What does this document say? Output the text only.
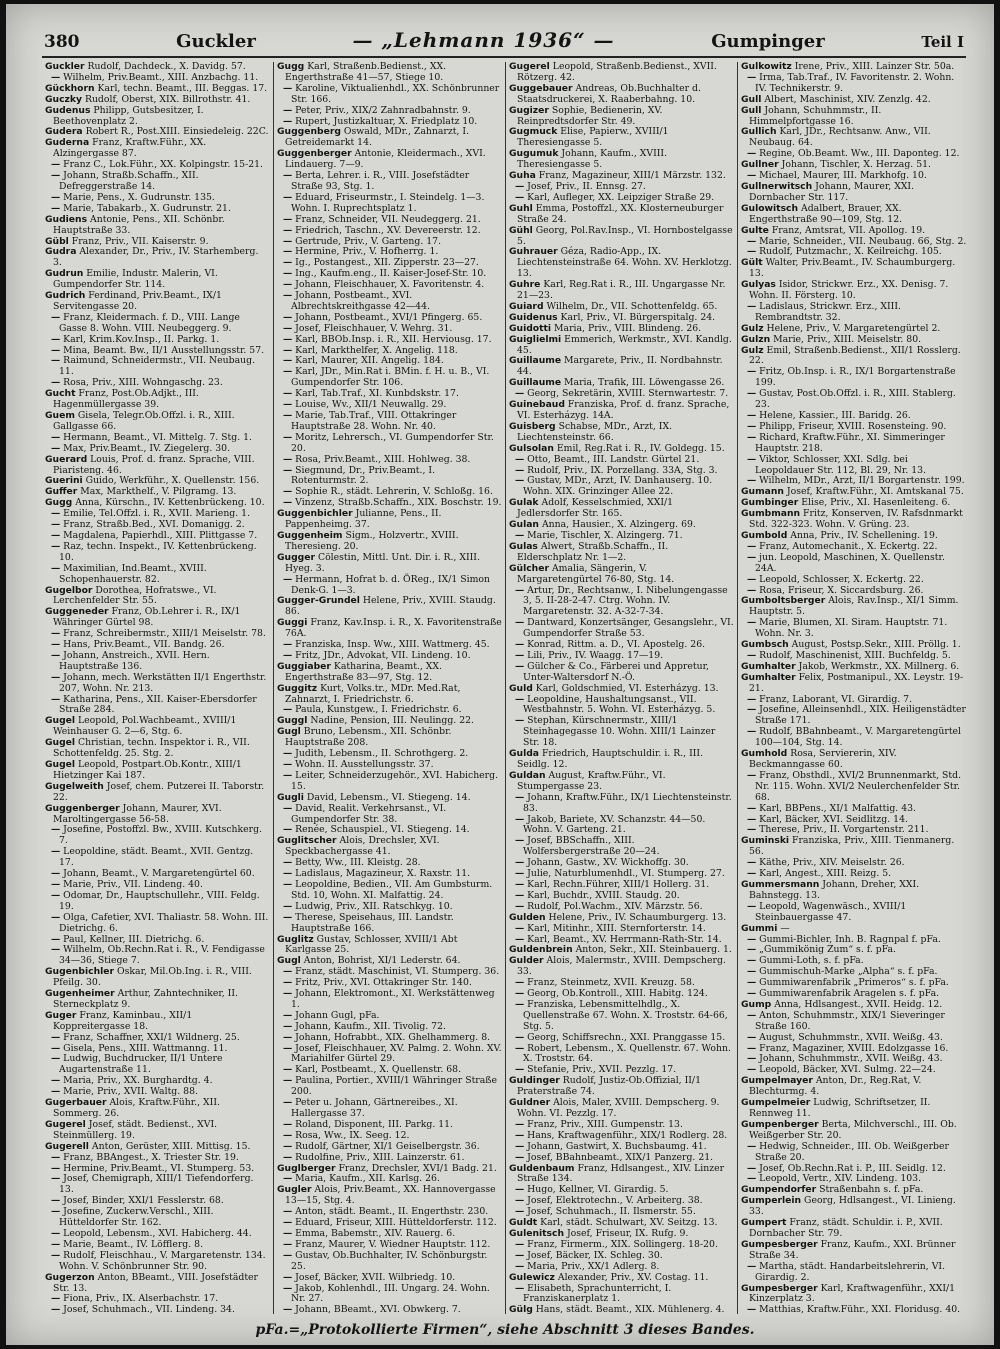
380	Guckler	— „Lehmann 1936“ —	Gumpinger	Teil I

Guckler Rudolf, Dachdeck., X. Davidg. 57.

— Wilhelm, Priv.Beamt., XIII. Anzbachg. 11.

Gückhorn Karl, techn. Beamt., III. Beggas. 17.

Guczky Rudolf, Oberst, XIX. Billrothstr. 41.

Gudenus Philipp, Gutsbesitzer, I. Beethovenplatz 2.

Gudera Robert R., Post.XIII. Einsiedeleig. 22C.

Guderna Franz, Kraftw.Führ., XX. Alzingergasse 87.

— Franz C., Lok.Führ., XX. Kolpingstr. 15-21.

— Johann, Straßb.Schaffn., XII. Defreggerstraße 14.

— Marie, Pens., X. Gudrunstr. 135.

— Marie, Tabakarb., X. Gudrunstr. 21.

Gudiens Antonie, Pens., XII. Schönbr. Hauptstraße 33.

Gübl Franz, Priv., VII. Kaiserstr. 9.

Gudra Alexander, Dr., Priv., IV. Starhemberg. 3.

Gudrun Emilie, Industr. Malerin, VI. Gumpendorfer Str. 114.

Gudrich Ferdinand, Priv.Beamt., IX/1 Servitengasse 20.

— Franz, Kleidermach. f. D., VIII. Lange Gasse 8. Wohn. VIII. Neubeggerg. 9.

— Karl, Krim.Kov.Insp., II. Parkg. 1.

— Mina, Beamt. Bw., II/1 Ausstellungsstr. 57.

— Raimund, Schneidermstr., VII. Neubaug. 11.

— Rosa, Priv., XIII. Wohngaschg. 23.

Gucht Franz, Post.Ob.Adjkt., III. Hagenmüllergasse 39.

Guem Gisela, Telegr.Ob.Offzl. i. R., XIII. Gallgasse 66.

— Hermann, Beamt., VI. Mittelg. 7. Stg. 1.

— Max, Priv.Beamt., IV. Ziegelerg. 30.

Guerard Louis, Prof. d. franz. Sprache, VIII. Piaristeng. 46.

Guerini Guido, Werkführ., X. Quellenstr. 156.

Guffer Max, Markthelf., V. Pilgramg. 13.

Gugg Anna, Kürschn., IV. Kettenbrückeng. 10.

— Emilie, Tel.Offzl. i. R., XVII. Marieng. 1.

— Franz, Straßb.Bed., XVI. Domanigg. 2.

— Magdalena, Papierhdl., XIII. Plittgasse 7.

— Raz, techn. Inspekt., IV. Kettenbrückeng. 10.

— Maximilian, Ind.Beamt., XVIII. Schopenhauerstr. 82.

Gugelbor Dorothea, Hofratswe., VI. Lerchenfelder Str. 55.

Guggeneder Franz, Ob.Lehrer i. R., IX/1 Währinger Gürtel 98.

— Franz, Schreibermstr., XIII/1 Meiselstr. 78.

— Hans, Priv.Beamt., VII. Bandg. 26.

— Johann, Anstreich., XVII. Hern. Hauptstraße 136.

— Johann, mech. Werkstätten II/1 Engerthstr. 207, Wohn. Nr. 213.

— Katharina, Pens., XII. Kaiser-Ebersdorfer Straße 284.

Gugel Leopold, Pol.Wachbeamt., XVIII/1 Weinhauser G. 2—6, Stg. 6.

Gugel Christian, techn. Inspektor i. R., VII. Schottenfeldg. 25. Stg. 2.

Gugel Leopold, Postpart.Ob.Kontr., XIII/1 Hietzinger Kai 187.

Gugelweith Josef, chem. Putzerei II. Taborstr. 22.

Guggenberger Johann, Maurer, XVI. Maroltingergasse 56-58.

— Josefine, Postoffzl. Bw., XVIII. Kutschkerg. 7.

— Leopoldine, städt. Beamt., XVII. Gentzg. 17.

— Johann, Beamt., V. Margaretengürtel 60.

— Marie, Priv., VII. Lindeng. 40.

— Odomar, Dr., Hauptschullehr., VIII. Feldg. 19.

— Olga, Cafetier, XVI. Thaliastr. 58. Wohn. III. Dietrichg. 6.

— Paul, Kellner, III. Dietrichg. 6.

— Wilhelm, Ob.Rechn.Rat i. R., V. Fendigasse 34—36, Stiege 7.

Gugenbichler Oskar, Mil.Ob.Ing. i. R., VIII. Pfeilg. 30.

Gugenheimer Arthur, Zahntechniker, II. Sterneckplatz 9.

Guger Franz, Kaminbau., XII/1 Koppreitergasse 18.

— Franz, Schaffner, XXI/1 Wildnerg. 25.

— Gisela, Pens., XIII. Wattmanng. 11.

— Ludwig, Buchdrucker, II/1 Untere Augartenstraße 11.

— Maria, Priv., XX. Burghardtg. 4.

— Marie, Priv., XVII. Waltg. 88.

Gugerbauer Alois, Kraftw.Führ., XII. Sommerg. 26.

Gugerel Josef, städt. Bedienst., XVI. Steinmüllerg. 19.

Gugerell Anton, Gerüster, XIII. Mittisg. 15.

— Franz, BBAngest., X. Triester Str. 19.

— Hermine, Priv.Beamt., VI. Stumperg. 53.

— Josef, Chemigraph, XIII/1 Tiefendorferg. 13.

— Josef, Binder, XXI/1 Fesslerstr. 68.

— Josefine, Zuckerw.Verschl., XIII. Hütteldorfer Str. 162.

— Leopold, Lebensm., XVI. Habicherg. 44.

— Marie, Beamt., IV. Löfflerg. 8.

— Rudolf, Fleischhau., V. Margaretenstr. 134. Wohn. V. Schönbrunner Str. 90.

Gugerzon Anton, BBeamt., VIII. Josefstädter Str. 13.

— Fiona, Priv., IX. Alserbachstr. 17.

— Josef, Schuhmach., VII. Lindeng. 34.

Gugg Karl, Straßenb.Bedienst., XX. Engerthstraße 41—57, Stiege 10.

— Karoline, Viktualienhdl., XX. Schönbrunner Str. 166.

— Peter, Priv., XIX/2 Zahnradbahnstr. 9.

— Rupert, Justizkaltuar, X. Friedplatz 10.

Guggenberg Oswald, MDr., Zahnarzt, I. Getreidemarkt 14.

Guggenberger Antonie, Kleidermach., XVI. Lindauerg. 7—9.

— Berta, Lehrer. i. R., VIII. Josefstädter Straße 93, Stg. 1.

— Eduard, Friseurmstr., I. Steindelg. 1—3. Wohn. I. Ruprechtsplatz 1.

— Franz, Schneider, VII. Neudeggerg. 21.

— Friedrich, Taschn., XV. Devereerstr. 12.

— Gertrude, Priv., V. Garteng. 17.

— Hermine, Priv., V. Hofherrg. 1.

— Ig., Postangest., XII. Zipperstr. 23—27.

— Ing., Kaufm.eng., II. Kaiser-Josef-Str. 10.

— Johann, Fleischhauer, X. Favoritenstr. 4.

— Johann, Postbeamt., XVI. Albrechtskreithgasse 42—44.

— Johann, Postbeamt., XVI/1 Pfingerg. 65.

— Josef, Fleischhauer, V. Wehrg. 31.

— Karl, BBOb.Insp. i. R., XII. Herviousg. 17.

— Karl, Markthelfer, X. Angelig. 118.

— Karl, Maurer, XII. Angelig. 184.

— Karl, JDr., Min.Rat i. BMin. f. H. u. B., VI. Gumpendorfer Str. 106.

— Karl, Tab.Traf., XI. Kunbdskstr. 17.

— Louise, Wv., XII/1 Neuwallg. 29.

— Marie, Tab.Traf., VIII. Ottakringer Hauptstraße 28. Wohn. Nr. 40.

— Moritz, Lehrersch., VI. Gumpendorfer Str. 20.

— Rosa, Priv.Beamt., XIII. Hohlweg. 38.

— Siegmund, Dr., Priv.Beamt., I. Rotenturmstr. 2.

— Sophie R., städt. Lehrerin, V. Schloßg. 16.

— Vinzenz, Straßb.Schaffn., XIX. Boschstr. 19.

Guggenbichler Julianne, Pens., II. Pappenheimg. 37.

Guggenheim Sigm., Holzvertr., XVIII. Theresieng. 20.

Gugger Cölestin, Mittl. Unt. Dir. i. R., XIII. Hyeg. 3.

— Hermann, Hofrat b. d. ÖReg., IX/1 Simon Denk-G. 1—3.

Gugger-Grundel Helene, Priv., XVIII. Staudg. 86.

Guggi Franz, Kav.Insp. i. R., X. Favoritenstraße 76A.

— Franziska, Insp. Ww., XIII. Wattmerg. 45.

— Fritz, JDr., Advokat, VII. Lindeng. 10.

Guggiaber Katharina, Beamt., XX. Engerthstraße 83—97, Stg. 12.

Guggitz Kurt, Volks.tr., MDr. Med.Rat, Zahnarzt, I. Friedrichstr. 6.

— Paula, Kunstgew., I. Friedrichstr. 6.

Guggl Nadine, Pension, III. Neulingg. 22.

Gugl Bruno, Lebensm., XII. Schönbr. Hauptstraße 208.

— Judith, Lebensm., II. Schrothgerg. 2.

— Wohn. II. Ausstellungsstr. 37.

— Leiter, Schneiderzugehör., XVI. Habicherg. 15.

Gugli David, Lebensm., VI. Stiegeng. 14.

— David, Realit. Verkehrsanst., VI. Gumpendorfer Str. 38.

— Renée, Schauspiel., VI. Stiegeng. 14.

Guglitscher Alois, Drechsler, XVI. Speckbachergasse 41.

— Betty, Ww., III. Kleistg. 28.

— Ladislaus, Magazineur, X. Raxstr. 11.

— Leopoldine, Bedien., VII. Am Gumbsturm. Std. 10, Wohn. XI. Malfattig. 24.

— Ludwig, Priv., XII. Ratschkyg. 10.

— Therese, Speisehaus, III. Landstr. Hauptstraße 166.

Guglitz Gustav, Schlosser, XVIII/1 Abt Karlgasse 25.

Gugl Anton, Bohrist, XI/1 Lederstr. 64.

— Franz, städt. Maschinist, VI. Stumperg. 36.

— Fritz, Priv., XVI. Ottakringer Str. 140.

— Johann, Elektromont., XI. Werkstättenweg 1.

— Johann Gugl, pFa.

— Johann, Kaufm., XII. Tivolig. 72.

— Johann, Hofrabbt., XIX. Ghelhammerg. 8.

— Josef, Fleischhauer, XV. Palmg. 2. Wohn. XV. Mariahilfer Gürtel 29.

— Karl, Postbeamt., X. Quellenstr. 68.

— Paulina, Portier., XVIII/1 Währinger Straße 200.

— Peter u. Johann, Gärtnereibes., XI. Hallergasse 37.

— Roland, Disponent, III. Parkg. 11.

— Rosa, Ww., IX. Seeg. 12.

— Rudolf, Gärtner, XI/1 Geiselbergstr. 36.

— Rudolfine, Priv., XIII. Lainzerstr. 61.

Guglberger Franz, Drechsler, XVI/1 Badg. 21.

— Maria, Kaufm., XII. Karlsg. 26.

Gugler Alois, Priv.Beamt., XX. Hannovergasse 13—15, Stg. 4.

— Anton, städt. Beamt., II. Engerthstr. 230.

— Eduard, Friseur, XIII. Hütteldorferstr. 112.

— Emma, Babemstr., XIV. Rauerg. 6.

— Franz, Maurer, V. Wiedner Hauptstr. 112.

— Gustav, Ob.Buchhalter, IV. Schönburgstr. 25.

— Josef, Bäcker, XVII. Wilbriedg. 10.

— Jakob, Kohlenhdl., III. Ungarg. 24. Wohn. Nr. 27.

— Johann, BBeamt., XVI. Obwkerg. 7.

Gugerel Leopold, Straßenb.Bedienst., XVII. Rötzerg. 42.

Guggebauer Andreas, Ob.Buchhalter d. Staatsdruckerei, X. Raaberbahng. 10.

Gugizer Sophie, Bedienerin, XV. Reinpredtsdorfer Str. 49.

Gugmuck Elise, Papierw., XVIII/1 Theresiengasse 5.

Gugumuk Johann, Kaufm., XVIII. Theresiengasse 5.

Guha Franz, Magazineur, XIII/1 Märzstr. 132.

— Josef, Priv., II. Ennsg. 27.

— Karl, Aufleger, XX. Leipziger Straße 29.

Guhl Emma, Postoffzl., XX. Klosterneuburger Straße 24.

Gühl Georg, Pol.Rav.Insp., VI. Hornbostelgasse 5.

Guhrauer Géza, Radio-App., IX. Liechtensteinstraße 64. Wohn. XV. Herklotzg. 13.

Guhre Karl, Reg.Rat i. R., III. Ungargasse Nr. 21—23.

Guiard Wilhelm, Dr., VII. Schottenfeldg. 65.

Guidenus Karl, Priv., VI. Bürgerspitalg. 24.

Guidotti Maria, Priv., VIII. Blindeng. 26.

Guiglielmi Emmerich, Werkmstr., XVI. Kandlg. 45.

Guillaume Margarete, Priv., II. Nordbahnstr. 44.

Guillaume Maria, Trafik, III. Löwengasse 26.

— Georg, Sekretärin, XVIII. Sternwartestr. 7.

Guinebaud Franziska, Prof. d. franz. Sprache, VI. Esterházyg. 14A.

Guisberg Schabse, MDr., Arzt, IX. Liechtensteinstr. 66.

Gulsolan Emil, Reg.Rat i. R., IV. Goldegg. 15.

— Otto, Beamt., III. Landstr. Gürtel 21.

— Rudolf, Priv., IX. Porzellang. 33A, Stg. 3.

— Gustav, MDr., Arzt, IV. Danhauserg. 10. Wohn. XIX. Grinzinger Allee 22.

Gulak Adolf, Kesselschmied, XXI/1 Jedlersdorfer Str. 165.

Gulan Anna, Hausier., X. Alzingerg. 69.

— Marie, Tischler, X. Alzingerg. 71.

Gulas Alwert, Straßb.Schaffn., II. Elderschplatz Nr. 1—2.

Gülcher Amalia, Sängerin, V. Margaretengürtel 76-80, Stg. 14.

— Artur, Dr., Rechtsanw., I. Nibelungengasse 3, 5. II-28-2-47. Ctrg. Wohn. IV. Margaretenstr. 32. A-32-7-34.

— Dantward, Konzertsänger, Gesangslehr., VI. Gumpendorfer Straße 53.

— Konrad, Rittm. a. D., VI. Apostelg. 26.

— Lili, Priv., IV. Waagg. 17—19.

— Gülcher & Co., Färberei und Appretur, Unter-Waltersdorf N.-Ö.

Guld Karl, Goldschmied, VI. Esterházyg. 13.

— Leopoldine, Haushaltungsanst., VII. Westbahnstr. 5. Wohn. VI. Esterházyg. 5.

— Stephan, Kürschnermstr., XIII/1 Steinhagegasse 10. Wohn. XIII/1 Lainzer Str. 18.

Gulda Friedrich, Hauptschuldir. i. R., III. Seidlg. 12.

Guldan August, Kraftw.Führ., VI. Stumpergasse 23.

— Johann, Kraftw.Führ., IX/1 Liechtensteinstr. 83.

— Jakob, Bariete, XV. Schanzstr. 44—50. Wohn. V. Garteng. 21.

— Josef, BBSchaffn., XIII. Wolfersbergerstraße 20—24.

— Johann, Gastw., XV. Wickhoffg. 30.

— Julie, Naturblumenhdl., VI. Stumperg. 27.

— Karl, Rechn.Führer, XIII/1 Hollerg. 31.

— Karl, Buchdr., XVIII. Staudg. 20.

— Rudolf, Pol.Wachm., XIV. Märzstr. 56.

Gulden Helene, Priv., IV. Schaumburgerg. 13.

— Karl, Mitinhr., XIII. Sternforterstr. 14.

— Karl, Beamt., XV. Herrmann-Rath-Str. 14.

Guldenbrein Anton, Sekr., XII. Steinbauerg. 1.

Gulder Alois, Malermstr., XVIII. Dempscherg. 33.

— Franz, Steinmetz, XVII. Kreuzg. 58.

— Georg, Ob.Kontroll., XIII. Habitg. 124.

— Franziska, Lebensmittelhdlg., X. Quellenstraße 67. Wohn. X. Troststr. 64-66, Stg. 5.

— Georg, Schiffsrechn., XXI. Pranggasse 15.

— Robert, Lebensm., X. Quellenstr. 67. Wohn. X. Troststr. 64.

— Stefanie, Priv., XVII. Pezzlg. 17.

Guldinger Rudolf, Justiz-Ob.Offizial, II/1 Praterstraße 74.

Guldner Alois, Maler, XVIII. Dempscherg. 9. Wohn. VI. Pezzlg. 17.

— Franz, Priv., XIII. Gumpenstr. 13.

— Hans, Kraftwagenführ., XIX/1 Rodlerg. 28.

— Johann, Gastwirt, X. Buchsbaumg. 41.

— Josef, BBahnbeamt., XIX/1 Panzerg. 21.

Guldenbaum Franz, Hdlsangest., XIV. Linzer Straße 134.

— Hugo, Kellner, VI. Girardig. 5.

— Josef, Elektrotechn., V. Arbeiterg. 38.

— Josef, Schuhmach., II. Ilsmerstr. 55.

Guldt Karl, städt. Schulwart, XV. Seitzg. 13.

Gulenitsch Josef, Friseur, IX. Rufg. 9.

— Franz, Firmerm., XIX. Sollingerg. 18-20.

— Josef, Bäcker, IX. Schleg. 30.

— Maria, Priv., XX/1 Adlerg. 8.

Gulewicz Alexander, Priv., XV. Costag. 11.

— Elisabeth, Sprachunterricht, I. Franziskanerplatz 1.

Gülg Hans, städt. Beamt., XIX. Mühlenerg. 4.

Gulkowitz Irene, Priv., XIII. Lainzer Str. 50a.

— Irma, Tab.Traf., IV. Favoritenstr. 2. Wohn. IV. Technikerstr. 9.

Gull Albert, Maschinist, XIV. Zenzlg. 42.

Gull Johann, Schuhmmstr., II. Himmelpfortgasse 16.

Gullich Karl, JDr., Rechtsanw. Anw., VII. Neubaug. 64.

— Regine, Ob.Beamt. Ww., III. Daponteg. 12.

Gullner Johann, Tischler, X. Herzag. 51.

— Michael, Maurer, III. Markhofg. 10.

Gullnerwitsch Johann, Maurer, XXI. Dornbacher Str. 117.

Gulowitsch Adalbert, Brauer, XX. Engerthstraße 90—109, Stg. 12.

Gulte Franz, Amtsrat, VII. Apollog. 19.

— Marie, Schneider., VII. Neubaug. 66, Stg. 2.

— Rudolf, Putzmachr., X. Keilreichg. 105.

Gült Walter, Priv.Beamt., IV. Schaumburgerg. 13.

Gulyas Isidor, Strickwr. Erz., XX. Denisg. 7. Wohn. II. Försterg. 10.

— Ladislaus, Strickwr. Erz., XIII. Rembrandtstr. 32.

Gulz Helene, Priv., V. Margaretengürtel 2.

Gulzn Marie, Priv., XIII. Meiselstr. 80.

Gulz Emil, Straßenb.Bedienst., XII/1 Rosslerg. 22.

— Fritz, Ob.Insp. i. R., IX/1 Borgartenstraße 199.

— Gustav, Post.Ob.Offzl. i. R., XIII. Stablerg. 23.

— Helene, Kassier., III. Baridg. 26.

— Philipp, Friseur, XVIII. Rosensteing. 90.

— Richard, Kraftw.Führ., XI. Simmeringer Hauptstr. 218.

— Viktor, Schlosser, XXI. Sdlg. bei Leopoldauer Str. 112, Bl. 29, Nr. 13.

— Wilhelm, MDr., Arzt, II/1 Borgartenstr. 199.

Gumann Josef, Kraftw.Führ., XI. Amtskanal 75.

Gumbinger Elise, Priv., XI. Hasenleiteng. 6.

Gumbmann Fritz, Konserven, IV. Rafsdnmarkt Std. 322-323. Wohn. V. Grüng. 23.

Gumbold Anna, Priv., IV. Schellening. 19.

— Franz, Automechanit., X. Eckertg. 22.

— jun. Leopold, Maschinen, X. Quellenstr. 24A.

— Leopold, Schlosser, X. Eckertg. 22.

— Rosa, Friseur, X. Siccardsburg. 26.

Gumboltsberger Alois, Rav.Insp., XI/1 Simm. Hauptstr. 5.

— Marie, Blumen, XI. Siram. Hauptstr. 71. Wohn. Nr. 3.

Gumbsch August, Postsp.Sekr., XIII. Pröllg. 1.

— Rudolf, Maschinenist, XIII. Buchfeldg. 5.

Gumhalter Jakob, Werkmstr., XX. Millnerg. 6.

Gumhalter Felix, Postmanipul., XX. Leystr. 19-21.

— Franz, Laborant, VI. Girardig. 7.

— Josefine, Alleinsenhdl., XIX. Heiligenstädter Straße 171.

— Rudolf, BBahnbeamt., V. Margaretengürtel 100—104, Stg. 14.

Gumhold Rosa, Serviererin, XIV. Beckmanngasse 60.

— Franz, Obsthdl., XVI/2 Brunnenmarkt, Std. Nr. 115. Wohn. XVI/2 Neulerchenfelder Str. 68.

— Karl, BBPens., XI/1 Malfattig. 43.

— Karl, Bäcker, XVI. Seidlitzg. 14.

— Therese, Priv., II. Vorgartenstr. 211.

Guminski Franziska, Priv., XIII. Tienmanerg. 56.

— Käthe, Priv., XIV. Meiselstr. 26.

— Karl, Angest., XIII. Reizg. 5.

Gummersmann Johann, Dreher, XXI. Bahnstegg. 13.

— Leopold, Wagenwäsch., XVIII/1 Steinbauergasse 47.

Gummi —

— Gummi-Bichler, Inh. B. Ragnpal f. pFa.

— „Gummikönig Zum“ s. f. pFa.

— Gummi-Loth, s. f. pFa.

— Gummischuh-Marke „Alpha“ s. f. pFa.

— Gummiwarenfabrik „Primeros“ s. f. pFa.

— Gummiwarenfabrik Aragelen s. f. pFa.

Gump Anna, Hdlsangest., XVII. Heidg. 12.

— Anton, Schuhmmstr., XIX/1 Sieveringer Straße 160.

— August, Schuhmmstr., XVII. Weißg. 43.

— Franz, Magaziner, XVIII. Edolzgasse 16.

— Johann, Schuhmmstr., XVII. Weißg. 43.

— Leopold, Bäcker, XVI. Sulmg. 22—24.

Gumpelmayer Anton, Dr., Reg.Rat, V. Blechturmg. 4.

Gumpelmeier Ludwig, Schriftsetzer, II. Rennweg 11.

Gumpenberger Berta, Milchverschl., III. Ob. Weißgerber Str. 20.

— Hedwig, Schneider., III. Ob. Weißgerber Straße 20.

— Josef, Ob.Rechn.Rat i. P., III. Seidlg. 12.

— Leopold, Vertr., XIV. Lindeng. 103.

Gumpendorfer Straßenbahn s. f. pFa.

Gumperlein Georg, Hdlsangest., VI. Linieng. 33.

Gumpert Franz, städt. Schuldir. i. P., XVII. Dornbacher Str. 79.

Gumpesberger Franz, Kaufm., XXI. Brünner Straße 34.

— Martha, städt. Handarbeitslehrerin, VI. Girardig. 2.

Gumpesberger Karl, Kraftwagenführ., XXI/1 Kinzerplatz 3.

— Matthias, Kraftw.Führ., XXI. Floridusg. 40.

pFa.=„Protokollierte Firmen“, siehe Abschnitt 3 dieses Bandes.
